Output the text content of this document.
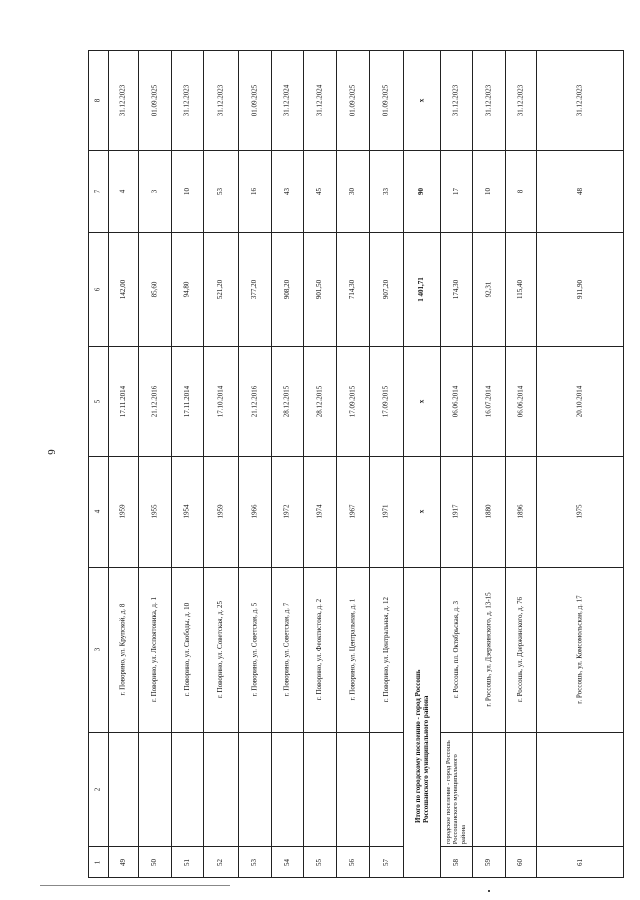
6
1
2
3
4
5
6
7
8
49
г. Поворино, ул. Крупской, д. 8
1959
17.11.2014
142,00
4
31.12.2023
50
г. Поворино, ул. Леспоятоника, д. 1
1955
21.12.2016
85,60
3
01.09.2025
51
г. Поворино, ул. Свободы, д. 10
1954
17.11.2014
94,80
10
31.12.2023
52
г. Поворино, ул. Советская, д. 25
1959
17.10.2014
521,20
53
31.12.2023
53
г. Поворино, ул. Советская, д. 5
1966
21.12.2016
377,20
16
01.09.2025
54
г. Поворино, ул. Советская, д. 7
1972
28.12.2015
908,20
43
31.12.2024
55
г. Поворино, ул. Феоктистова, д. 2
1974
28.12.2015
901,50
45
31.12.2024
56
г. Поворино, ул. Центральная, д. 1
1967
17.09.2015
714,30
30
01.09.2025
57
г. Поворино, ул. Центральная, д. 12
1971
17.09.2015
907,20
33
01.09.2025
Итого по городскому поселению - город Россошь Россошанского муниципального района
x
x
1 401,71
90
x
58
городское поселение - город Россошь Россошанского муниципального района
г. Россошь, пл. Октябрьская, д. 3
1917
06.06.2014
174,30
17
31.12.2023
59
г. Россошь, ул. Дзержинского, д. 13-15
1880
16.07.2014
92,31
10
31.12.2023
60
г. Россошь, ул. Дзержинского, д. 76
1896
06.06.2014
115,40
8
31.12.2023
61
г. Россошь, ул. Комсомольская, д. 17
1975
20.10.2014
911,90
48
31.12.2023
